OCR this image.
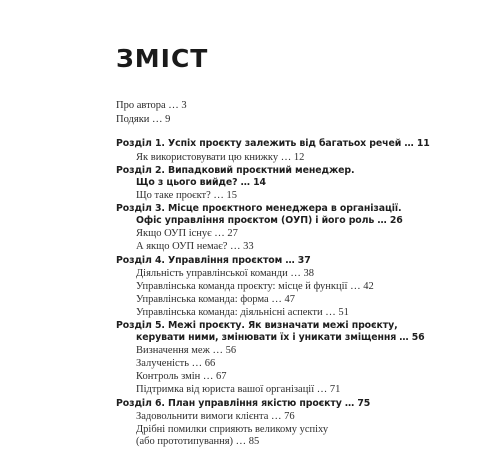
ЗМІСТ
Про автора … 3
Подяки … 9
Розділ 1. Успіх проєкту залежить від багатьох речей … 11
Як використовувати цю книжку … 12
Розділ 2. Випадковий проєктний менеджер.
Що з цього вийде? … 14
Що таке проєкт? … 15
Розділ 3. Місце проєктного менеджера в організації.
Офіс управління проєктом (ОУП) і його роль … 26
Якщо ОУП існує … 27
А якщо ОУП немає? … 33
Розділ 4. Управління проєктом … 37
Діяльність управлінської команди … 38
Управлінська команда проєкту: місце й функції … 42
Управлінська команда: форма … 47
Управлінська команда: діяльнісні аспекти … 51
Розділ 5. Межі проєкту. Як визначати межі проєкту,
керувати ними, змінювати їх і уникати зміщення … 56
Визначення меж … 56
Залученість … 66
Контроль змін … 67
Підтримка від юриста вашої організації … 71
Розділ 6. План управління якістю проєкту … 75
Задовольнити вимоги клієнта … 76
Дрібні помилки сприяють великому успіху
(або прототипування) … 85
